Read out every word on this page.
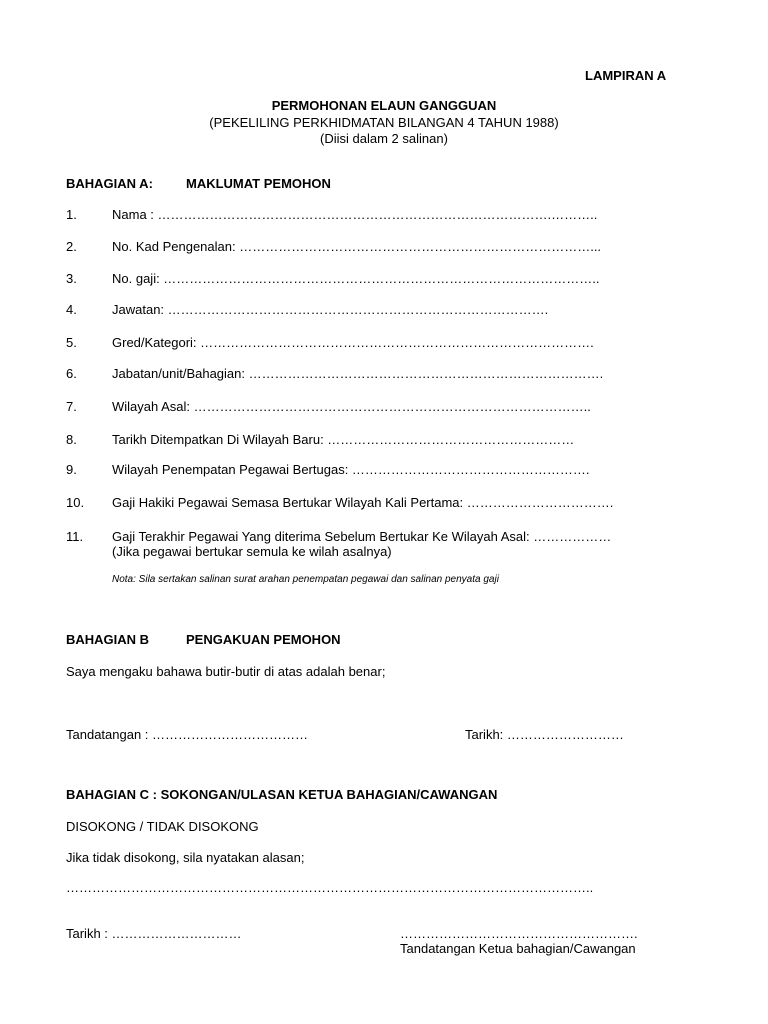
LAMPIRAN A
PERMOHONAN ELAUN GANGGUAN
(PEKELILING PERKHIDMATAN BILANGAN 4 TAHUN 1988)
(Diisi dalam 2 salinan)
BAHAGIAN A:	MAKLUMAT PEMOHON
1.	Nama : ……………………………………………………………………………….………..
2.	No. Kad Pengenalan: ………………………………………………………………………...
3.	No. gaji: ………………………………………………………………………………………..
4.	Jawatan: …………………………………………………………………………….
5.	Gred/Kategori: ……………………………………………………………………………….
6.	Jabatan/unit/Bahagian: ……………………………………………………………………….
7.	Wilayah Asal: ………………………………………………………………………………..
8.	Tarikh Ditempatkan Di Wilayah Baru: …………………………………………………
9.	Wilayah Penempatan Pegawai Bertugas: ……………………………………………….
10. Gaji Hakiki Pegawai Semasa Bertukar Wilayah Kali Pertama: …………………………….
11. Gaji Terakhir Pegawai Yang diterima Sebelum Bertukar Ke Wilayah Asal: ………………
(Jika pegawai bertukar semula ke wilah asalnya)
Nota: Sila sertakan salinan surat arahan penempatan pegawai dan salinan penyata gaji
BAHAGIAN B	PENGAKUAN PEMOHON
Saya mengaku bahawa butir-butir di atas adalah benar;
Tandatangan : ………………………………	Tarikh: ………………………
BAHAGIAN C : SOKONGAN/ULASAN KETUA BAHAGIAN/CAWANGAN
DISOKONG / TIDAK DISOKONG
Jika tidak disokong, sila nyatakan alasan;
…………………………………………………………………………………………………………..
Tarikh : …………………………	……………………………………………….
Tandatangan Ketua bahagian/Cawangan
